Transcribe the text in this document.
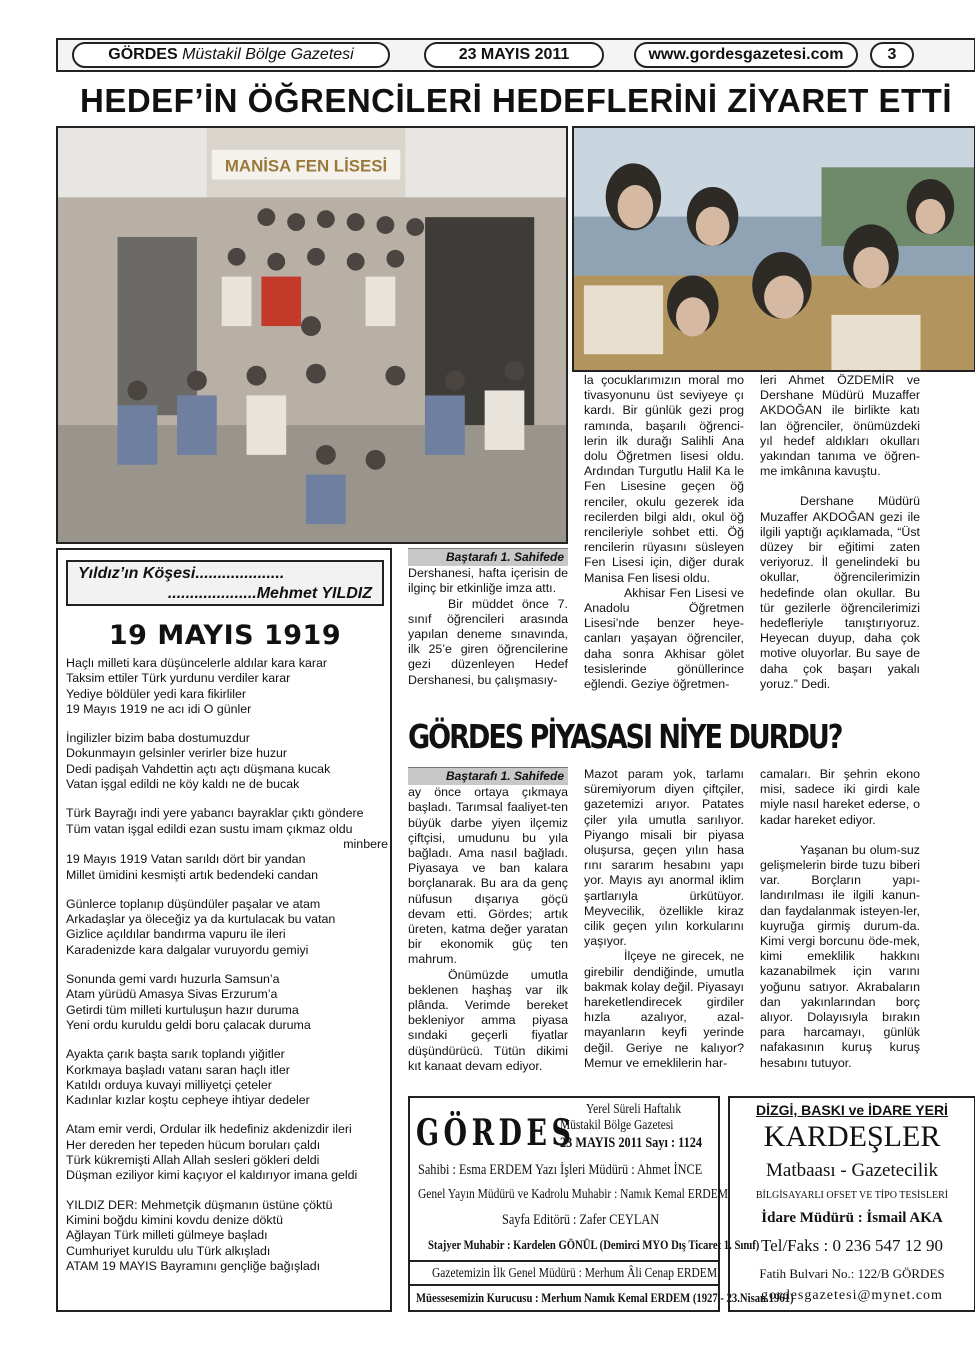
GÖRDES Müstakil Bölge Gazetesi	23 MAYIS 2011	www.gordesgazetesi.com	3
HEDEF’İN ÖĞRENCİLERİ HEDEFLERİNİ ZİYARET ETTİ
MANİSA FEN LİSESİ
Baştarafı 1. Sahifede

Dershanesi, hafta içerisin de ilginç bir etkinliğe imza attı.

Bir müddet önce 7. sınıf öğrencileri arasında yapılan deneme sınavında, ilk 25’e giren öğrencilerine gezi düzenleyen Hedef Dershanesi, bu çalışmasıy-

la çocuklarımızın moral mo tivasyonunu üst seviyeye çı kardı. Bir günlük gezi prog ramında, başarılı öğrenci-lerin ilk durağı Salihli Ana dolu Öğretmen lisesi oldu. Ardından Turgutlu Halil Ka le Fen Lisesine geçen öğ renciler, okulu gezerek ida recilerden bilgi aldı, okul öğ rencileriyle sohbet etti. Öğ rencilerin rüyasını süsleyen Fen Lisesi için, diğer durak Manisa Fen lisesi oldu.

Akhisar Fen Lisesi ve Anadolu Öğretmen Lisesi’nde benzer heye-canları yaşayan öğrenciler, daha sonra Akhisar gölet tesislerinde gönüllerince eğlendi. Geziye öğretmen-

leri Ahmet ÖZDEMİR ve Dershane Müdürü Muzaffer AKDOĞAN ile birlikte katı lan öğrenciler, önümüzdeki yıl hedef aldıkları okulları yakından tanıma ve öğren-me imkânına kavuştu.

Dershane Müdürü Muzaffer AKDOĞAN gezi ile ilgili yaptığı açıklamada, “Üst düzey bir eğitimi zaten veriyoruz. İl genelindeki bu okullar, öğrencilerimizin hedefinde olan okullar. Bu tür gezilerle öğrencilerimizi hedefleriyle tanıştırıyoruz. Heyecan duyup, daha çok motive oluyorlar. Bu saye de daha çok başarı yakalı yoruz.” Dedi.

Yıldız’ın Köşesi....................
....................Mehmet YILDIZ
19 MAYIS 1919
Haçlı milleti kara düşüncelerle aldılar kara karar
Taksim ettiler Türk yurdunu verdiler karar
Yediye böldüler yedi kara fikirliler
19 Mayıs 1919 ne acı idi O günler
İngilizler bizim baba dostumuzdur
Dokunmayın gelsinler verirler bize huzur
Dedi padişah Vahdettin açtı açtı düşmana kucak
Vatan işgal edildi ne köy kaldı ne de bucak
Türk Bayrağı indi yere yabancı bayraklar çıktı göndere
Tüm vatan işgal edildi ezan sustu imam çıkmaz oldu
minbere
19 Mayıs 1919 Vatan sarıldı dört bir yandan
Millet ümidini kesmişti artık bedendeki candan
Günlerce toplanıp düşündüler paşalar ve atam
Arkadaşlar ya öleceğiz ya da kurtulacak bu vatan
Gizlice açıldılar bandırma vapuru ile ileri
Karadenizde kara dalgalar vuruyordu gemiyi
Sonunda gemi vardı huzurla Samsun’a
Atam yürüdü Amasya Sivas Erzurum’a
Getirdi tüm milleti kurtuluşun hazır duruma
Yeni ordu kuruldu geldi boru çalacak duruma
Ayakta çarık başta sarık toplandı yiğitler
Korkmaya başladı vatanı saran haçlı itler
Katıldı orduya kuvayi milliyetçi çeteler
Kadınlar kızlar koştu cepheye ihtiyar dedeler
Atam emir verdi, Ordular ilk hedefiniz akdenizdir ileri
Her dereden her tepeden hücum boruları çaldı
Türk kükremişti Allah Allah sesleri gökleri deldi
Düşman eziliyor kimi kaçıyor el kaldırıyor imana geldi
YILDIZ DER: Mehmetçik düşmanın üstüne çöktü
Kimini boğdu kimini kovdu denize döktü
Ağlayan Türk milleti gülmeye başladı
Cumhuriyet kuruldu ulu Türk alkışladı
ATAM 19 MAYIS Bayramını gençliğe bağışladı
GÖRDES PİYASASI NİYE DURDU?
Baştarafı 1. Sahifede

ay önce ortaya çıkmaya başladı. Tarımsal faaliyet-ten büyük darbe yiyen ilçemiz çiftçisi, umudunu bu yıla bağladı. Ama nasıl bağladı. Piyasaya ve ban kalara borçlanarak. Bu ara da genç nüfusun dışarıya göçü devam etti. Gördes; artık üreten, katma değer yaratan bir ekonomik güç ten mahrum.

Önümüzde umutla beklenen haşhaş var ilk plânda. Verimde bereket bekleniyor amma piyasa sındaki geçerli fiyatlar düşündürücü. Tütün dikimi kıt kanaat devam ediyor.

Mazot param yok, tarlamı süremiyorum diyen çiftçiler, gazetemizi arıyor. Patates çiler yıla umutla sarılıyor. Piyango misali bir piyasa oluşursa, geçen yılın hasa rını sararım hesabını yapı yor. Mayıs ayı anormal iklim şartlarıyla ürkütüyor. Meyvecilik, özellikle kiraz cilik geçen yılın korkularını yaşıyor.

İlçeye ne girecek, ne girebilir dendiğinde, umutla bakmak kolay değil. Piyasayı hareketlendirecek girdiler hızla azalıyor, azal-mayanların keyfi yerinde değil. Geriye ne kalıyor? Memur ve emeklilerin har-

camaları. Bir şehrin ekono misi, sadece iki girdi kale miyle nasıl hareket ederse, o kadar hareket ediyor.

Yaşanan bu olum-suz gelişmelerin birde tuzu biberi var. Borçların yapı-landırılması ile ilgili kanun-dan faydalanmak isteyen-ler, kuyruğa girmiş durum-da. Kimi vergi borcunu öde-mek, kimi emeklilik hakkını kazanabilmek için varını yoğunu satıyor. Akrabaların dan yakınlarından borç alıyor. Dolayısıyla bırakın para harcamayı, günlük nafakasının kuruş kuruş hesabını tutuyor.

GÖRDES
Yerel Süreli Haftalık
Müstakil Bölge Gazetesi
23 MAYIS 2011 Sayı : 1124
Sahibi : Esma ERDEM Yazı İşleri Müdürü : Ahmet İNCE
Genel Yayın Müdürü ve Kadrolu Muhabir : Namık Kemal ERDEM
Sayfa Editörü : Zafer CEYLAN
Stajyer Muhabir : Kardelen GÖNÜL (Demirci MYO Dış Ticaret 1. Sınıf)
Gazetemizin İlk Genel Müdürü : Merhum Âli Cenap ERDEM
Müessesemizin Kurucusu : Merhum Namık Kemal ERDEM (1927 - 23.Nisan.1961)
DİZGİ, BASKI ve İDARE YERİ
KARDEŞLER
Matbaası - Gazetecilik
BİLGİSAYARLI OFSET VE TİPO TESİSLERİ
İdare Müdürü : İsmail AKA
Tel/Faks : 0 236 547 12 90
Fatih Bulvari No.: 122/B GÖRDES
gordesgazetesi@mynet.com
